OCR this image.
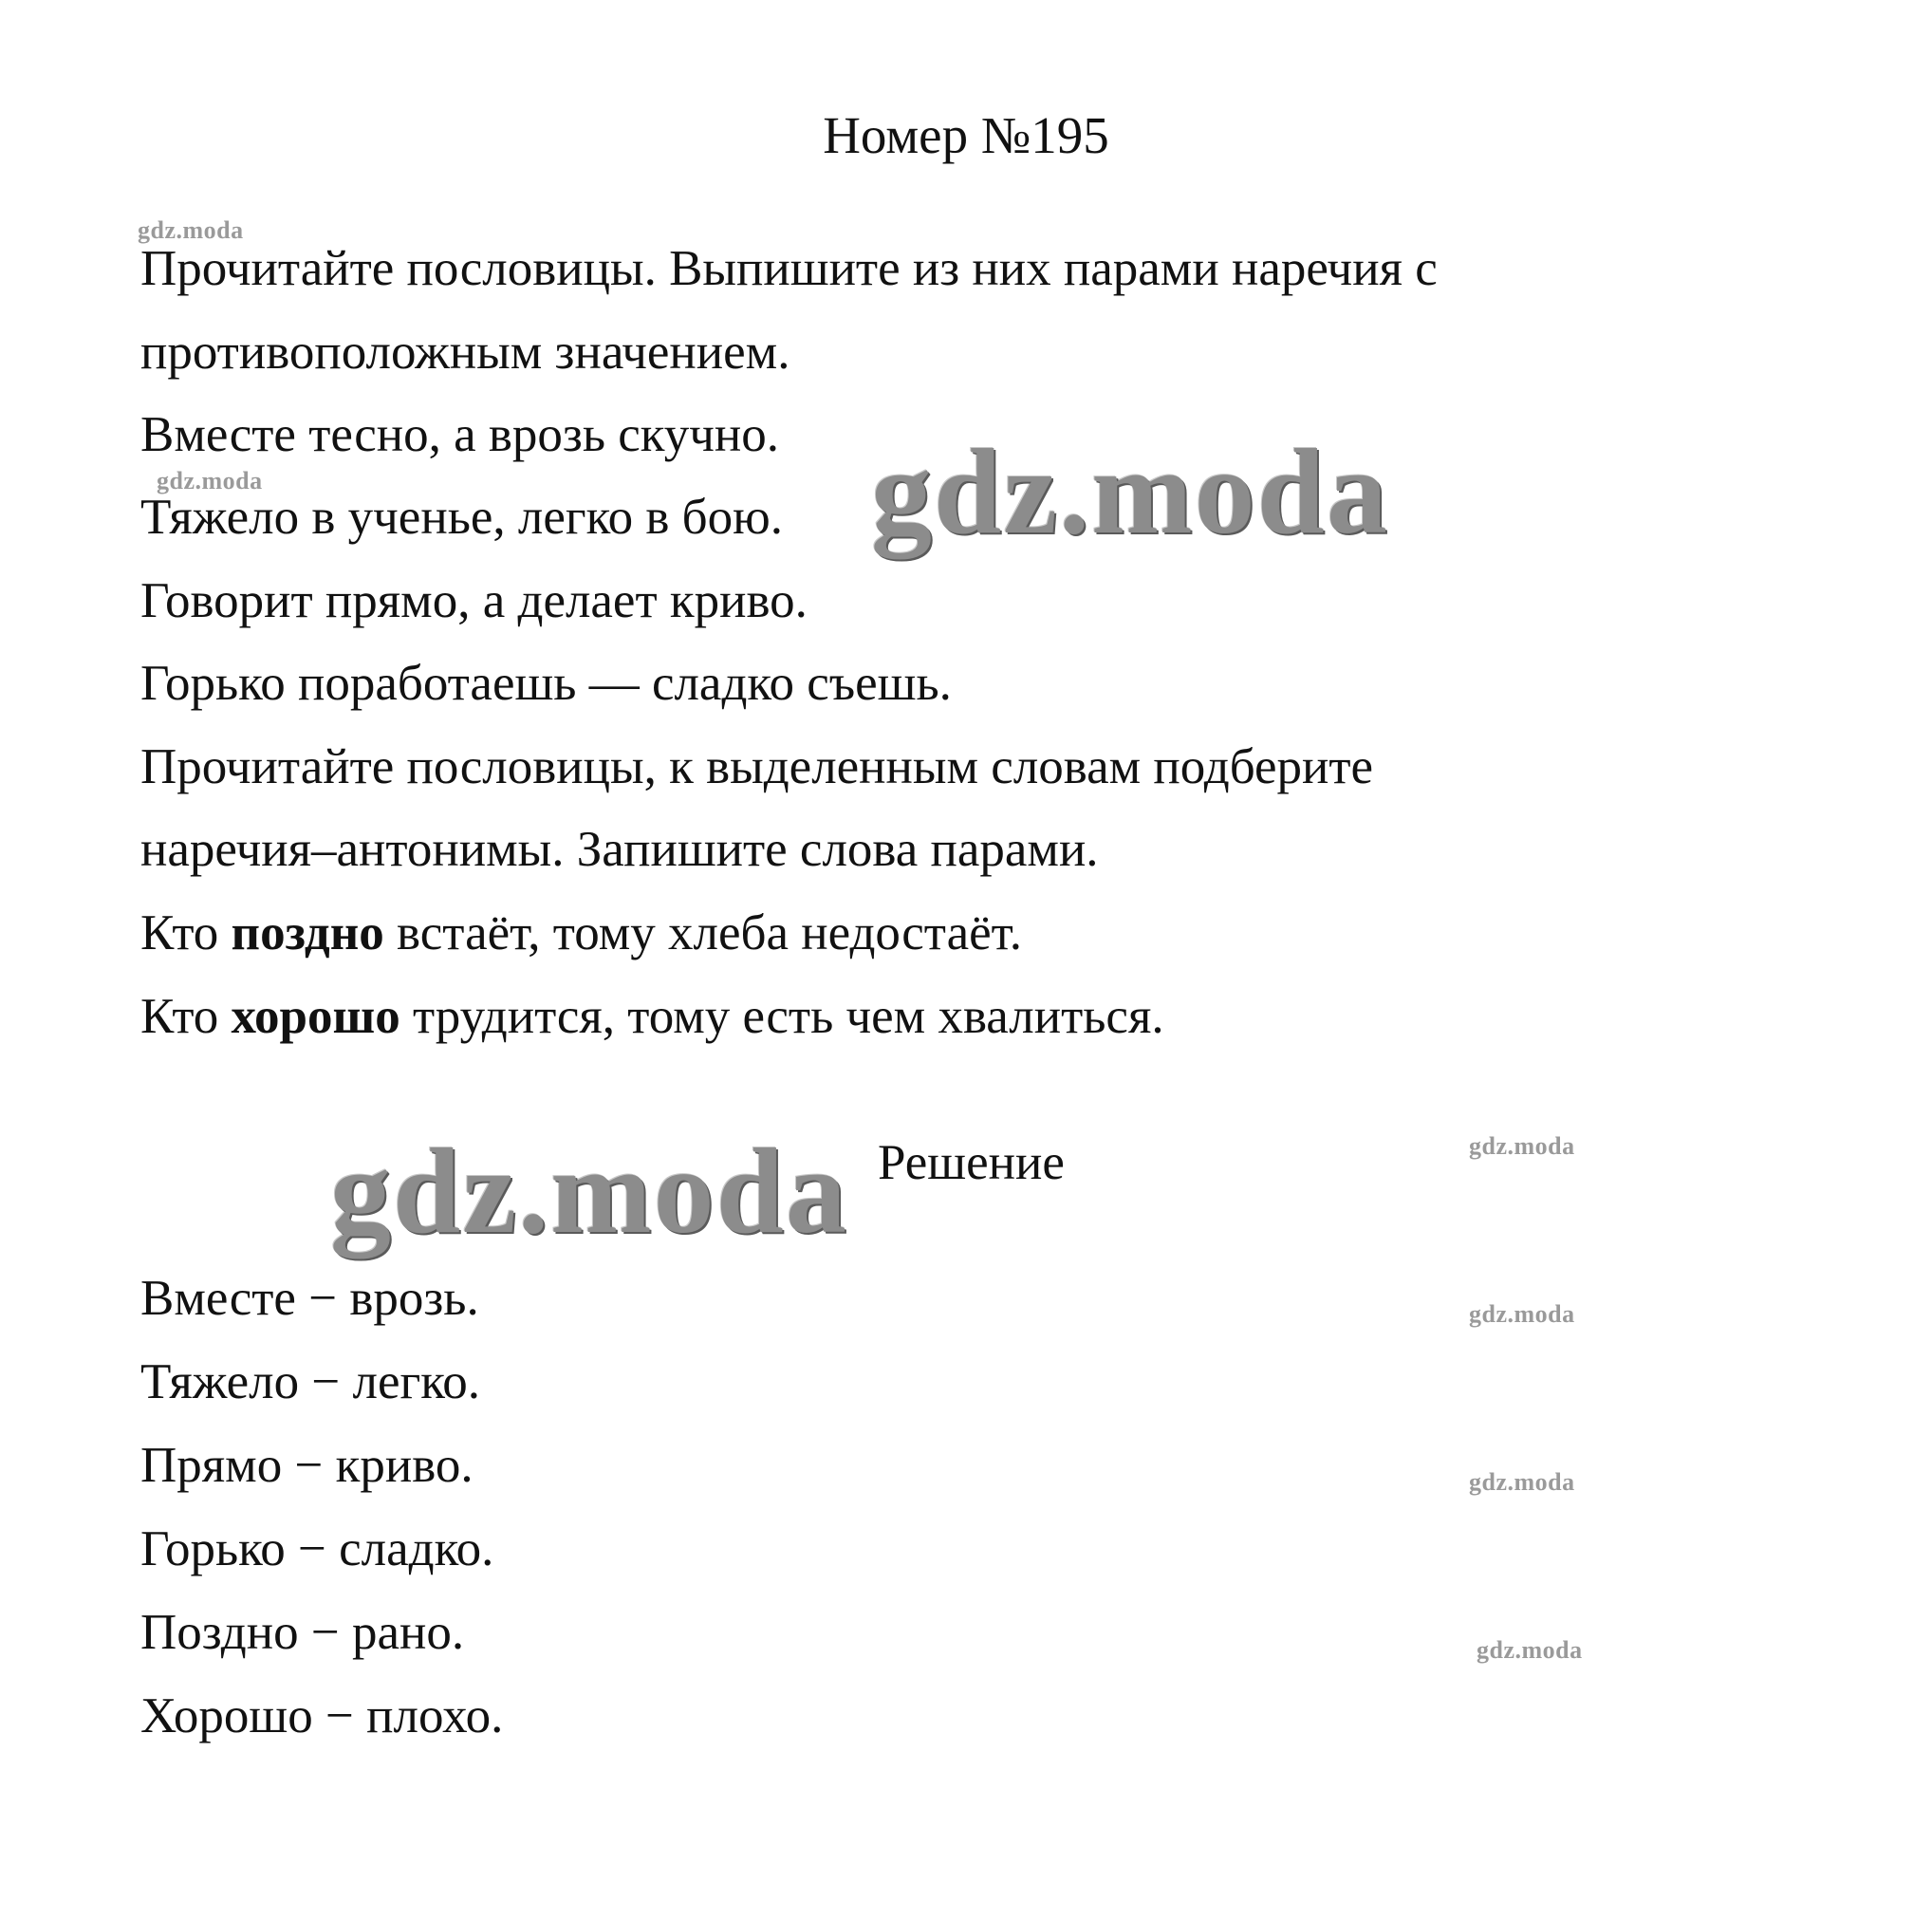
Номер №195

Прочитайте пословицы. Выпишите из них парами наречия с

противоположным значением.

Вместе тесно, а врозь скучно.

Тяжело в ученье, легко в бою.

Говорит прямо, а делает криво.

Горько поработаешь — сладко съешь.

Прочитайте пословицы, к выделенным словам подберите

наречия–антонимы. Запишите слова парами.

Кто поздно встаёт, тому хлеба недостаёт.

Кто хорошо трудится, тому есть чем хвалиться.

Решение

Вместе − врозь.

Тяжело − легко.

Прямо − криво.

Горько − сладко.

Поздно − рано.

Хорошо − плохо.

gdz.moda
gdz.moda	gdz.moda
gdz.moda	gdz.moda
gdz.moda
gdz.moda
gdz.moda
